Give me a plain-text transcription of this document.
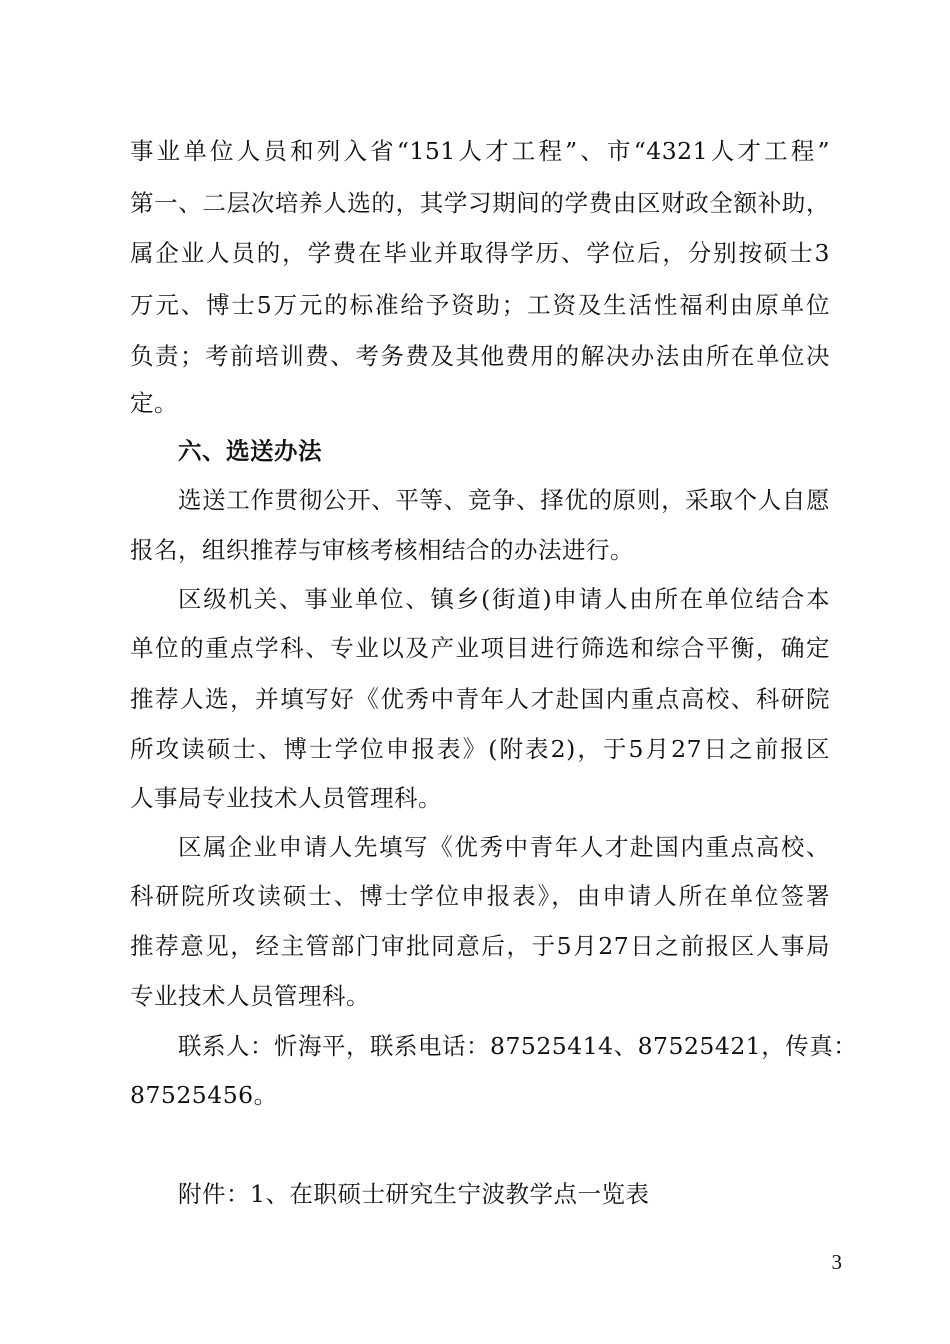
事业单位人员和列入省“151人才工程”、市“4321人才工程”
第一、二层次培养人选的，其学习期间的学费由区财政全额补助，
属企业人员的，学费在毕业并取得学历、学位后，分别按硕士3
万元、博士5万元的标准给予资助；工资及生活性福利由原单位
负责；考前培训费、考务费及其他费用的解决办法由所在单位决
定。
六、选送办法
选送工作贯彻公开、平等、竞争、择优的原则，采取个人自愿
报名，组织推荐与审核考核相结合的办法进行。
区级机关、事业单位、镇乡(街道)申请人由所在单位结合本
单位的重点学科、专业以及产业项目进行筛选和综合平衡，确定
推荐人选，并填写好《优秀中青年人才赴国内重点高校、科研院
所攻读硕士、博士学位申报表》(附表2)，于5月27日之前报区
人事局专业技术人员管理科。
区属企业申请人先填写《优秀中青年人才赴国内重点高校、
科研院所攻读硕士、博士学位申报表》，由申请人所在单位签署
推荐意见，经主管部门审批同意后，于5月27日之前报区人事局
专业技术人员管理科。
联系人：忻海平，联系电话：87525414、87525421，传真：
87525456。
附件：1、在职硕士研究生宁波教学点一览表
3
